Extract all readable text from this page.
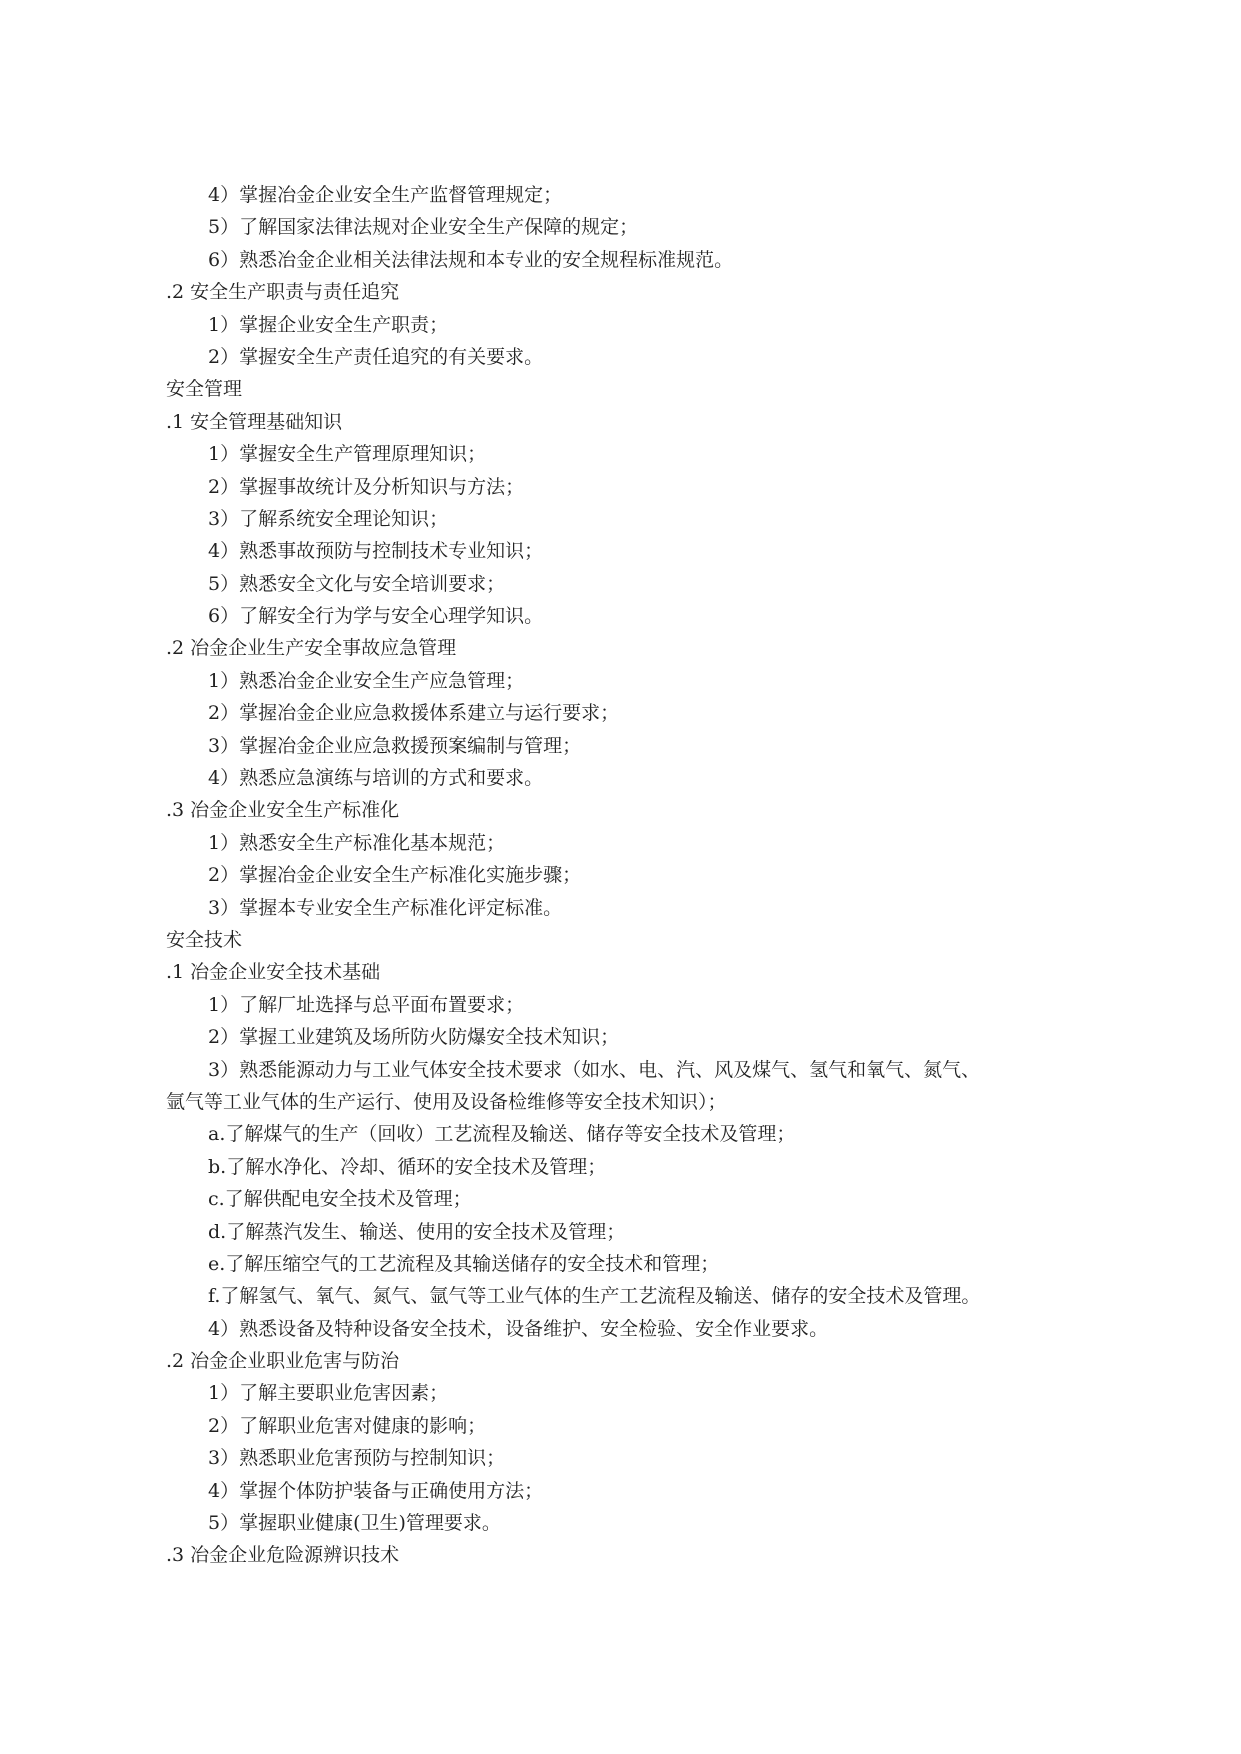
4）掌握冶金企业安全生产监督管理规定；
5）了解国家法律法规对企业安全生产保障的规定；
6）熟悉冶金企业相关法律法规和本专业的安全规程标准规范。
.2 安全生产职责与责任追究
1）掌握企业安全生产职责；
2）掌握安全生产责任追究的有关要求。
安全管理
.1 安全管理基础知识
1）掌握安全生产管理原理知识；
2）掌握事故统计及分析知识与方法；
3）了解系统安全理论知识；
4）熟悉事故预防与控制技术专业知识；
5）熟悉安全文化与安全培训要求；
6）了解安全行为学与安全心理学知识。
.2 冶金企业生产安全事故应急管理
1）熟悉冶金企业安全生产应急管理；
2）掌握冶金企业应急救援体系建立与运行要求；
3）掌握冶金企业应急救援预案编制与管理；
4）熟悉应急演练与培训的方式和要求。
.3 冶金企业安全生产标准化
1）熟悉安全生产标准化基本规范；
2）掌握冶金企业安全生产标准化实施步骤；
3）掌握本专业安全生产标准化评定标准。
安全技术
.1 冶金企业安全技术基础
1）了解厂址选择与总平面布置要求；
2）掌握工业建筑及场所防火防爆安全技术知识；
3）熟悉能源动力与工业气体安全技术要求（如水、电、汽、风及煤气、氢气和氧气、氮气、
氩气等工业气体的生产运行、使用及设备检维修等安全技术知识）；
a.了解煤气的生产（回收）工艺流程及输送、储存等安全技术及管理；
b.了解水净化、冷却、循环的安全技术及管理；
c.了解供配电安全技术及管理；
d.了解蒸汽发生、输送、使用的安全技术及管理；
e.了解压缩空气的工艺流程及其输送储存的安全技术和管理；
f.了解氢气、氧气、氮气、氩气等工业气体的生产工艺流程及输送、储存的安全技术及管理。
4）熟悉设备及特种设备安全技术，设备维护、安全检验、安全作业要求。
.2 冶金企业职业危害与防治
1）了解主要职业危害因素；
2）了解职业危害对健康的影响；
3）熟悉职业危害预防与控制知识；
4）掌握个体防护装备与正确使用方法；
5）掌握职业健康(卫生)管理要求。
.3 冶金企业危险源辨识技术
